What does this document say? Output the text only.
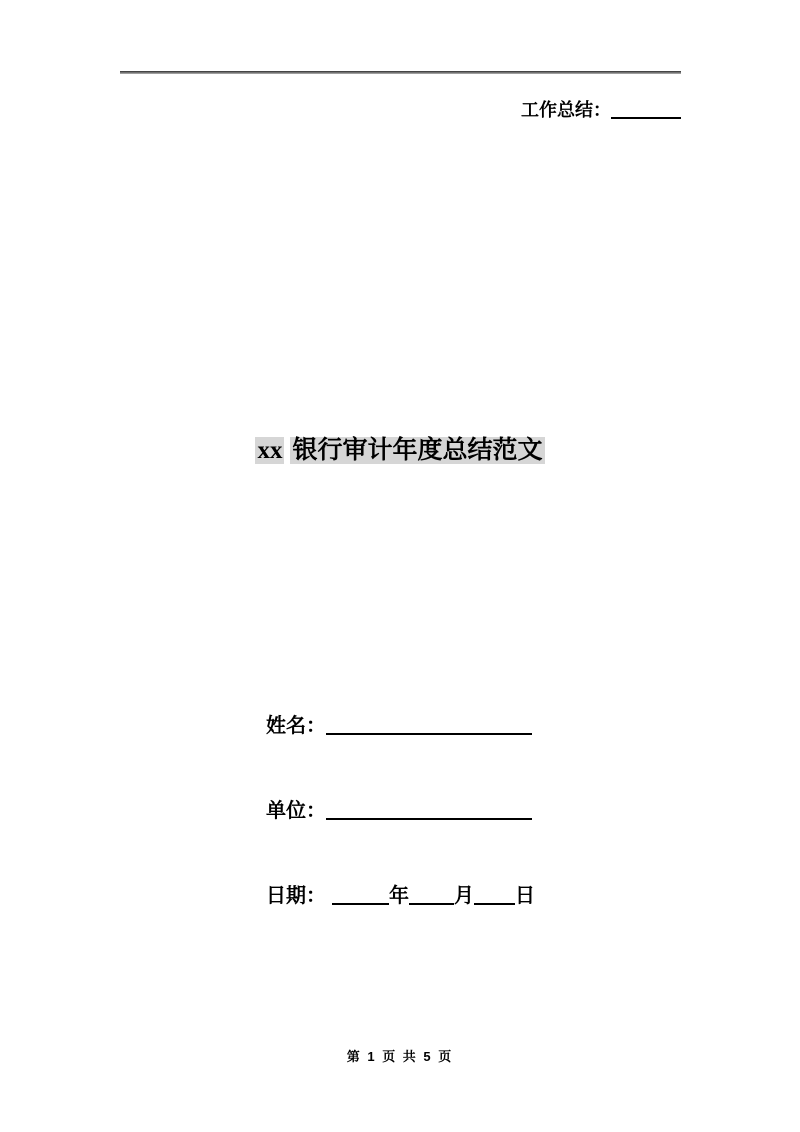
工作总结：
xx 银行审计年度总结范文
姓名：
单位：
日期：	年 月 日
第 1 页 共 5 页
